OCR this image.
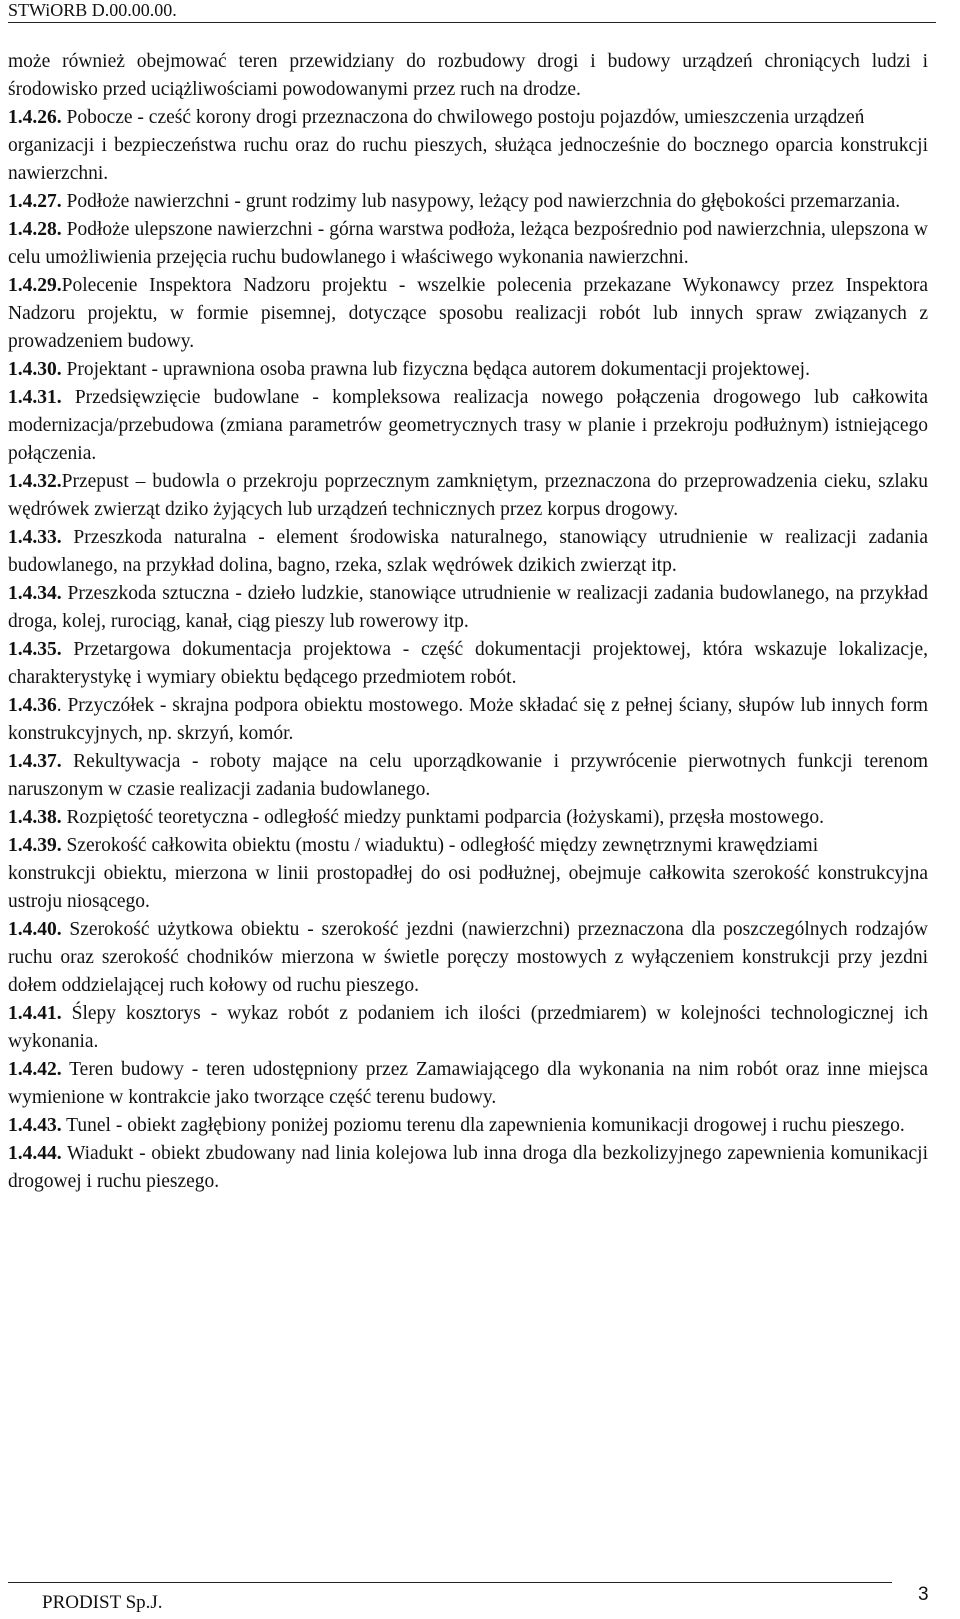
STWiORB D.00.00.00.

może również obejmować teren przewidziany do rozbudowy drogi i budowy urządzeń chroniących ludzi i środowisko przed uciążliwościami powodowanymi przez ruch na drodze.

1.4.26. Pobocze - cześć korony drogi przeznaczona do chwilowego postoju pojazdów, umieszczenia urządzeń

organizacji i bezpieczeństwa ruchu oraz do ruchu pieszych, służąca jednocześnie do bocznego oparcia konstrukcji nawierzchni.

1.4.27. Podłoże nawierzchni - grunt rodzimy lub nasypowy, leżący pod nawierzchnia do głębokości przemarzania.

1.4.28. Podłoże ulepszone nawierzchni - górna warstwa podłoża, leżąca bezpośrednio pod nawierzchnia, ulepszona w celu umożliwienia przejęcia ruchu budowlanego i właściwego wykonania nawierzchni.

1.4.29.Polecenie Inspektora Nadzoru projektu - wszelkie polecenia przekazane Wykonawcy przez Inspektora Nadzoru projektu, w formie pisemnej, dotyczące sposobu realizacji robót lub innych spraw związanych z prowadzeniem budowy.

1.4.30. Projektant - uprawniona osoba prawna lub fizyczna będąca autorem dokumentacji projektowej.

1.4.31. Przedsięwzięcie budowlane - kompleksowa realizacja nowego połączenia drogowego lub całkowita modernizacja/przebudowa (zmiana parametrów geometrycznych trasy w planie i przekroju podłużnym) istniejącego połączenia.

1.4.32.Przepust – budowla o przekroju poprzecznym zamkniętym, przeznaczona do przeprowadzenia cieku, szlaku wędrówek zwierząt dziko żyjących lub urządzeń technicznych przez korpus drogowy.

1.4.33. Przeszkoda naturalna - element środowiska naturalnego, stanowiący utrudnienie w realizacji zadania budowlanego, na przykład dolina, bagno, rzeka, szlak wędrówek dzikich zwierząt itp.

1.4.34. Przeszkoda sztuczna - dzieło ludzkie, stanowiące utrudnienie w realizacji zadania budowlanego, na przykład droga, kolej, rurociąg, kanał, ciąg pieszy lub rowerowy itp.

1.4.35. Przetargowa dokumentacja projektowa - część dokumentacji projektowej, która wskazuje lokalizacje, charakterystykę i wymiary obiektu będącego przedmiotem robót.

1.4.36. Przyczółek - skrajna podpora obiektu mostowego. Może składać się z pełnej ściany, słupów lub innych form konstrukcyjnych, np. skrzyń, komór.

1.4.37. Rekultywacja - roboty mające na celu uporządkowanie i przywrócenie pierwotnych funkcji terenom naruszonym w czasie realizacji zadania budowlanego.

1.4.38. Rozpiętość teoretyczna - odległość miedzy punktami podparcia (łożyskami), przęsła mostowego.

1.4.39. Szerokość całkowita obiektu (mostu / wiaduktu) - odległość między zewnętrznymi krawędziami

konstrukcji obiektu, mierzona w linii prostopadłej do osi podłużnej, obejmuje całkowita szerokość konstrukcyjna ustroju niosącego.

1.4.40. Szerokość użytkowa obiektu - szerokość jezdni (nawierzchni) przeznaczona dla poszczególnych rodzajów ruchu oraz szerokość chodników mierzona w świetle poręczy mostowych z wyłączeniem konstrukcji przy jezdni dołem oddzielającej ruch kołowy od ruchu pieszego.

1.4.41. Ślepy kosztorys - wykaz robót z podaniem ich ilości (przedmiarem) w kolejności technologicznej ich wykonania.

1.4.42. Teren budowy - teren udostępniony przez Zamawiającego dla wykonania na nim robót oraz inne miejsca wymienione w kontrakcie jako tworzące część terenu budowy.

1.4.43. Tunel - obiekt zagłębiony poniżej poziomu terenu dla zapewnienia komunikacji drogowej i ruchu pieszego.

1.4.44. Wiadukt - obiekt zbudowany nad linia kolejowa lub inna droga dla bezkolizyjnego zapewnienia komunikacji drogowej i ruchu pieszego.

PRODIST Sp.J.	3
